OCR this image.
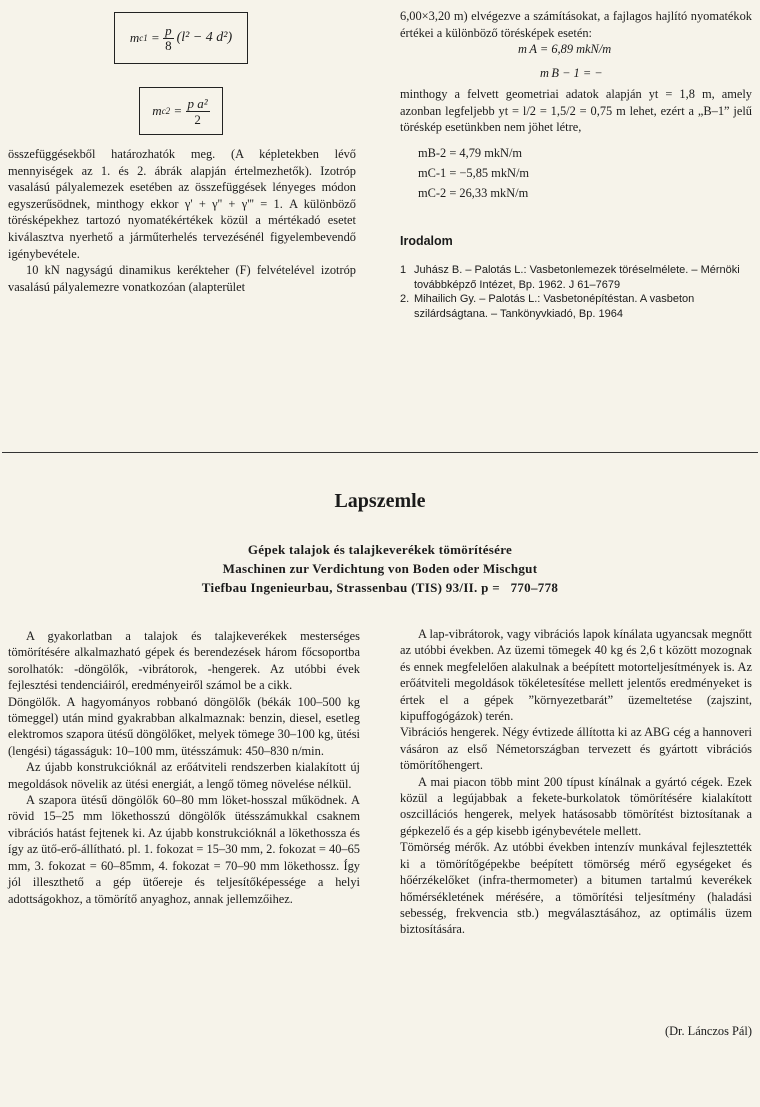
m $c1 = \frac{p}{8} (l^2 - 4$ d²)
m $c2 = \frac{\text{p a²}}{2}$

összefüggésekből határozhatók meg. (A képletekben lévő mennyiségek az 1. és 2. ábrák alapján értelmezhetők). Izotróp vasalású pályalemezek esetében az összefüggések lényeges módon egyszerűsödnek, minthogy ekkor γ' + γ'' + γ''' = 1. A különböző törésképekhez tartozó nyomatékértékek közül a mértékadó esetet kiválasztva nyerhető a járműterhelés tervezésénél figyelembevendő igénybevétele.

10 kN nagyságú dinamikus kerékteher (F) felvételével izotróp vasalású pályalemezre vonatkozóan (alapterület

6,00×3,20 m) elvégezve a számításokat, a fajlagos hajlító nyomatékok értékei a különböző törésképek esetén:

m A = 6,89 mkN/m
m B − 1 = −

minthogy a felvett geometriai adatok alapján yt = 1,8 m, amely azonban legfeljebb yt = l/2 = 1,5/2 = 0,75 m lehet, ezért a „B–1” jelű töréskép esetünkben nem jöhet létre,

mB-2 = 4,79 mkN/m
mC-1 = −5,85 mkN/m
mC-2 = 26,33 mkN/m
Irodalom
1 Juhász B. – Palotás L.: Vasbetonlemezek töréselmélete. – Mérnöki továbbképző Intézet, Bp. 1962. J 61–7679
2. Mihailich Gy. – Palotás L.: Vasbetonépítéstan. A vasbeton szilárdságtana. – Tankönyvkiadó, Bp. 1964
Lapszemle
Gépek talajok és talajkeverékek tömörítésére
Maschinen zur Verdichtung von Boden oder Mischgut
Tiefbau Ingenieurbau, Strassenbau (TIS) 93/II. p =   770–778

A gyakorlatban a talajok és talajkeverékek mesterséges tömörítésére alkalmazható gépek és berendezések három főcsoportba sorolhatók: -döngölők, -vibrátorok, -hengerek. Az utóbbi évek fejlesztési tendenciáiról, eredményeiről számol be a cikk.

Döngölők. A hagyományos robbanó döngölők (békák 100–500 kg tömeggel) után mind gyakrabban alkalmaznak: benzin, diesel, esetleg elektromos szapora ütésű döngölőket, melyek tömege 30–100 kg, ütési (lengési) tágasságuk: 10–100 mm, ütésszámuk: 450–830 n/min.

Az újabb konstrukcióknál az erőátviteli rendszerben kialakított új megoldások növelik az ütési energiát, a lengő tömeg növelése nélkül.

A szapora ütésű döngölők 60–80 mm löket-hosszal működnek. A rövid 15–25 mm lökethosszú döngölők ütésszámukkal csaknem vibrációs hatást fejtenek ki. Az újabb konstrukcióknál a lökethossza és így az ütő-erő-állítható. pl. 1. fokozat = 15–30 mm, 2. fokozat = 40–65 mm, 3. fokozat = 60–85mm, 4. fokozat = 70–90 mm lökethossz. Így jól illeszthető a gép ütőereje és teljesítőképessége a helyi adottságokhoz, a tömörítő anyaghoz, annak jellemzőihez.

A lap-vibrátorok, vagy vibrációs lapok kínálata ugyancsak megnőtt az utóbbi években. Az üzemi tömegek 40 kg és 2,6 t között mozognak és ennek megfelelően alakulnak a beépített motorteljesítmények is. Az erőátviteli megoldások tökéletesítése mellett jelentős eredményeket is értek el a gépek ”környezetbarát” üzemeltetése (zajszint, kipuffogógázok) terén.

Vibrációs hengerek. Négy évtizede állította ki az ABG cég a hannoveri vásáron az első Németországban tervezett és gyártott vibrációs tömörítőhengert.

A mai piacon több mint 200 típust kínálnak a gyártó cégek. Ezek közül a legújabbak a fekete-burkolatok tömörítésére kialakított oszcillációs hengerek, melyek hatásosabb tömörítést biztosítanak a gépkezelő és a gép kisebb igénybevétele mellett.

Tömörség mérők. Az utóbbi években intenzív munkával fejlesztették ki a tömörítőgépekbe beépített tömörség mérő egységeket és hőérzékelőket (infra-thermometer) a bitumen tartalmú keverékek hőmérsékletének mérésére, a tömörítési teljesítmény (haladási sebesség, frekvencia stb.) megválasztásához, az optimális üzem biztosítására.

(Dr. Lánczos Pál)
